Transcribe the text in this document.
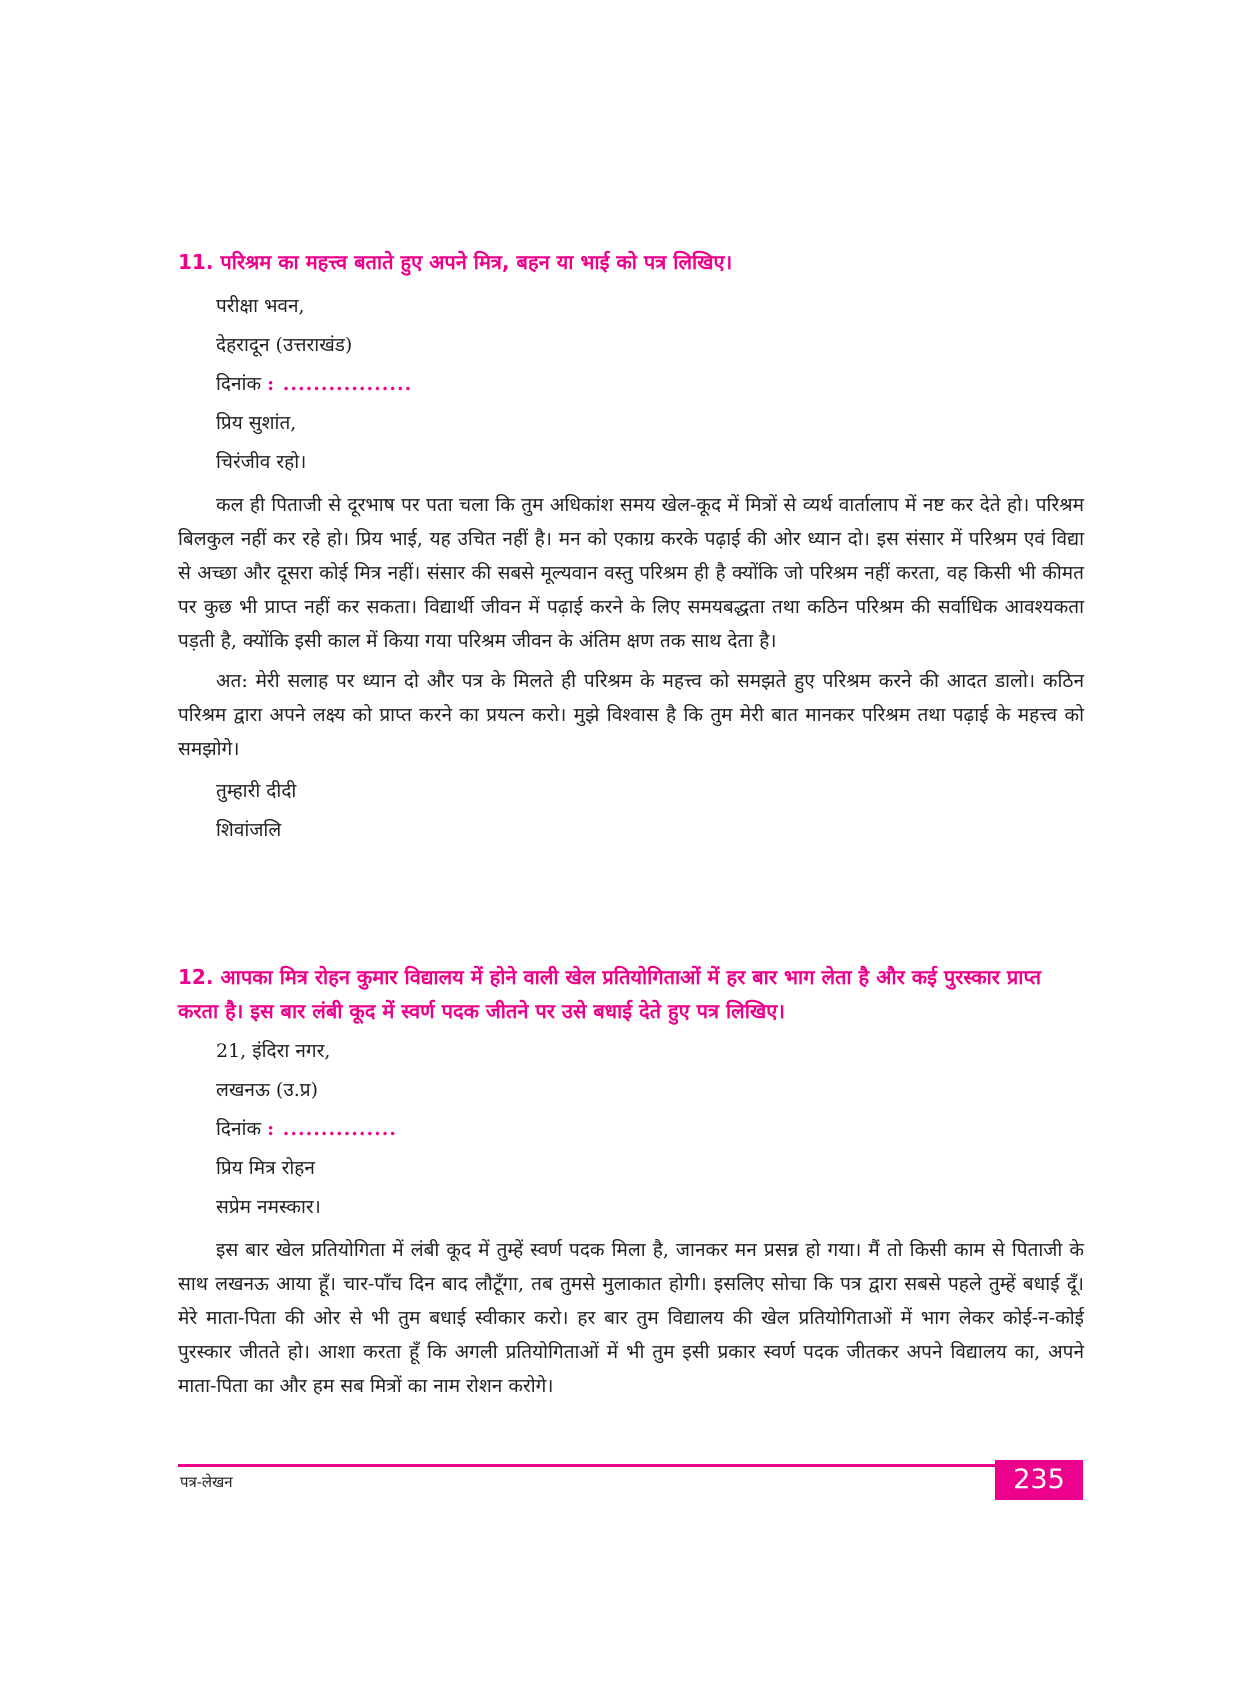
11. परिश्रम का महत्त्व बताते हुए अपने मित्र, बहन या भाई को पत्र लिखिए।

परीक्षा भवन,
देहरादून (उत्तराखंड)
दिनांक : .................
प्रिय सुशांत,
चिरंजीव रहो।

कल ही पिताजी से दूरभाष पर पता चला कि तुम अधिकांश समय खेल-कूद में मित्रों से व्यर्थ वार्तालाप में नष्ट कर देते हो। परिश्रम बिलकुल नहीं कर रहे हो। प्रिय भाई, यह उचित नहीं है। मन को एकाग्र करके पढ़ाई की ओर ध्यान दो। इस संसार में परिश्रम एवं विद्या से अच्छा और दूसरा कोई मित्र नहीं। संसार की सबसे मूल्यवान वस्तु परिश्रम ही है क्योंकि जो परिश्रम नहीं करता, वह किसी भी कीमत पर कुछ भी प्राप्त नहीं कर सकता। विद्यार्थी जीवन में पढ़ाई करने के लिए समयबद्धता तथा कठिन परिश्रम की सर्वाधिक आवश्यकता पड़ती है, क्योंकि इसी काल में किया गया परिश्रम जीवन के अंतिम क्षण तक साथ देता है।

अत: मेरी सलाह पर ध्यान दो और पत्र के मिलते ही परिश्रम के महत्त्व को समझते हुए परिश्रम करने की आदत डालो। कठिन परिश्रम द्वारा अपने लक्ष्य को प्राप्त करने का प्रयत्न करो। मुझे विश्वास है कि तुम मेरी बात मानकर परिश्रम तथा पढ़ाई के महत्त्व को समझोगे।

तुम्हारी दीदी
शिवांजलि

12. आपका मित्र रोहन कुमार विद्यालय में होने वाली खेल प्रतियोगिताओं में हर बार भाग लेता है और कई पुरस्कार प्राप्त करता है। इस बार लंबी कूद में स्वर्ण पदक जीतने पर उसे बधाई देते हुए पत्र लिखिए।

21, इंदिरा नगर,
लखनऊ (उ.प्र)
दिनांक : ...............
प्रिय मित्र रोहन
सप्रेम नमस्कार।

इस बार खेल प्रतियोगिता में लंबी कूद में तुम्हें स्वर्ण पदक मिला है, जानकर मन प्रसन्न हो गया। मैं तो किसी काम से पिताजी के साथ लखनऊ आया हूँ। चार-पाँच दिन बाद लौटूँगा, तब तुमसे मुलाकात होगी। इसलिए सोचा कि पत्र द्वारा सबसे पहले तुम्हें बधाई दूँ। मेरे माता-पिता की ओर से भी तुम बधाई स्वीकार करो। हर बार तुम विद्यालय की खेल प्रतियोगिताओं में भाग लेकर कोई-न-कोई पुरस्कार जीतते हो। आशा करता हूँ कि अगली प्रतियोगिताओं में भी तुम इसी प्रकार स्वर्ण पदक जीतकर अपने विद्यालय का, अपने माता-पिता का और हम सब मित्रों का नाम रोशन करोगे।

पत्र-लेखन	235
